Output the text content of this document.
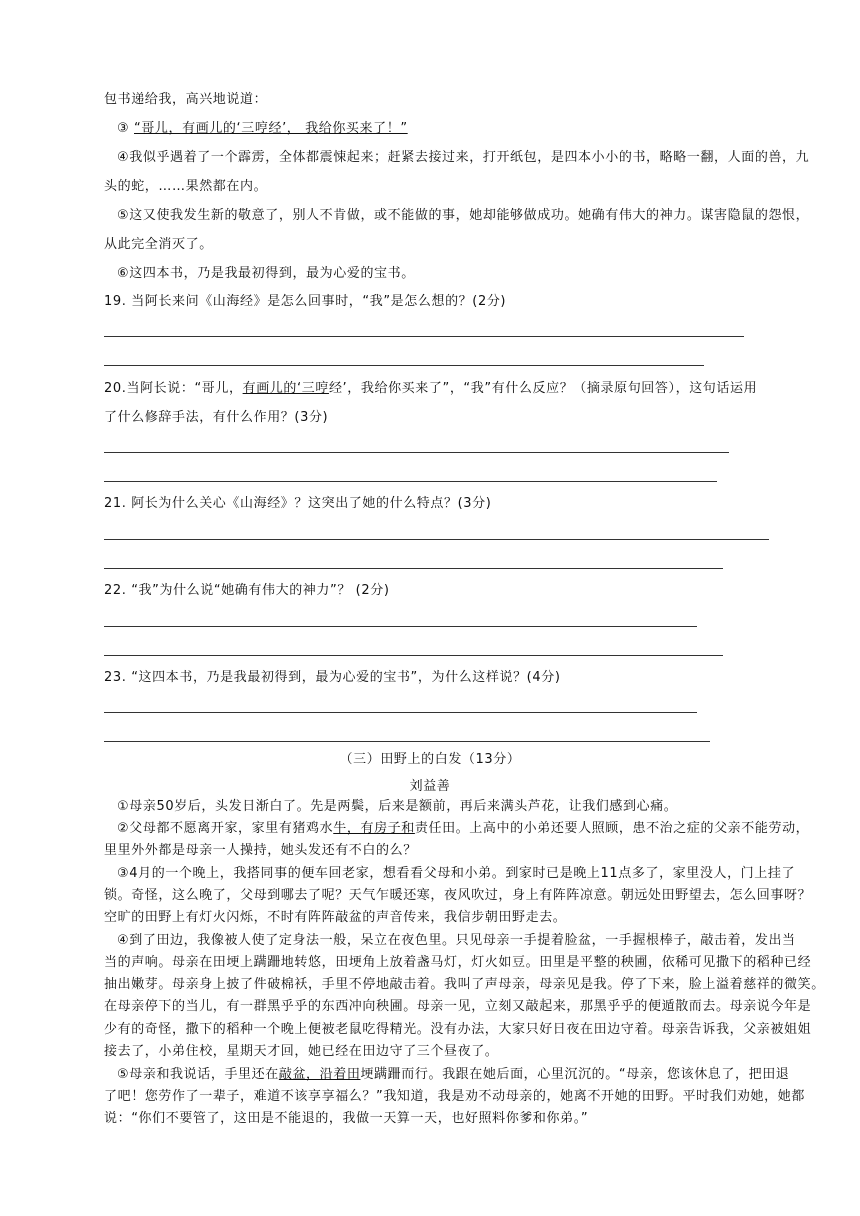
包书递给我，高兴地说道：
③ “哥儿，有画儿的‘三哼经’， 我给你买来了！”
④我似乎遇着了一个霹雳，全体都震悚起来；赶紧去接过来，打开纸包，是四本小小的书，略略一翻，人面的兽，九
头的蛇，……果然都在内。
⑤这又使我发生新的敬意了，别人不肯做，或不能做的事，她却能够做成功。她确有伟大的神力。谋害隐鼠的怨恨，
从此完全消灭了。
⑥这四本书，乃是我最初得到，最为心爱的宝书。
19. 当阿长来问《山海经》是怎么回事时，“我”是怎么想的？(2分)
20.当阿长说：“哥儿，有画儿的‘三哼经’，我给你买来了”，“我”有什么反应？（摘录原句回答），这句话运用
了什么修辞手法，有什么作用？(3分)
21. 阿长为什么关心《山海经》？这突出了她的什么特点？(3分)
22. “我”为什么说“她确有伟大的神力”？ (2分)
23. “这四本书，乃是我最初得到，最为心爱的宝书”，为什么这样说？(4分)
（三）田野上的白发（13分）
刘益善
①母亲50岁后，头发日渐白了。先是两鬓，后来是额前，再后来满头芦花，让我们感到心痛。
②父母都不愿离开家，家里有猪鸡水牛，有房子和责任田。上高中的小弟还要人照顾，患不治之症的父亲不能劳动，
里里外外都是母亲一人操持，她头发还有不白的么？
③4月的一个晚上，我搭同事的便车回老家，想看看父母和小弟。到家时已是晚上11点多了，家里没人，门上挂了
锁。奇怪，这么晚了，父母到哪去了呢？天气乍暖还寒，夜风吹过，身上有阵阵凉意。朝远处田野望去，怎么回事呀？
空旷的田野上有灯火闪烁，不时有阵阵敲盆的声音传来，我信步朝田野走去。
④到了田边，我像被人使了定身法一般，呆立在夜色里。只见母亲一手提着脸盆，一手握根棒子，敲击着，发出当
当的声响。母亲在田埂上蹒跚地转悠，田埂角上放着盏马灯，灯火如豆。田里是平整的秧圃，依稀可见撒下的稻种已经
抽出嫩芽。母亲身上披了件破棉袄，手里不停地敲击着。我叫了声母亲，母亲见是我。停了下来，脸上溢着慈祥的微笑。
在母亲停下的当儿，有一群黑乎乎的东西冲向秧圃。母亲一见，立刻又敲起来，那黑乎乎的便遁散而去。母亲说今年是
少有的奇怪，撒下的稻种一个晚上便被老鼠吃得精光。没有办法，大家只好日夜在田边守着。母亲告诉我，父亲被姐姐
接去了，小弟住校，星期天才回，她已经在田边守了三个昼夜了。
⑤母亲和我说话，手里还在敲盆，沿着田埂蹒跚而行。我跟在她后面，心里沉沉的。“母亲，您该休息了，把田退
了吧！您劳作了一辈子，难道不该享享福么？”我知道，我是劝不动母亲的，她离不开她的田野。平时我们劝她，她都
说：“你们不要管了，这田是不能退的，我做一天算一天，也好照料你爹和你弟。”
